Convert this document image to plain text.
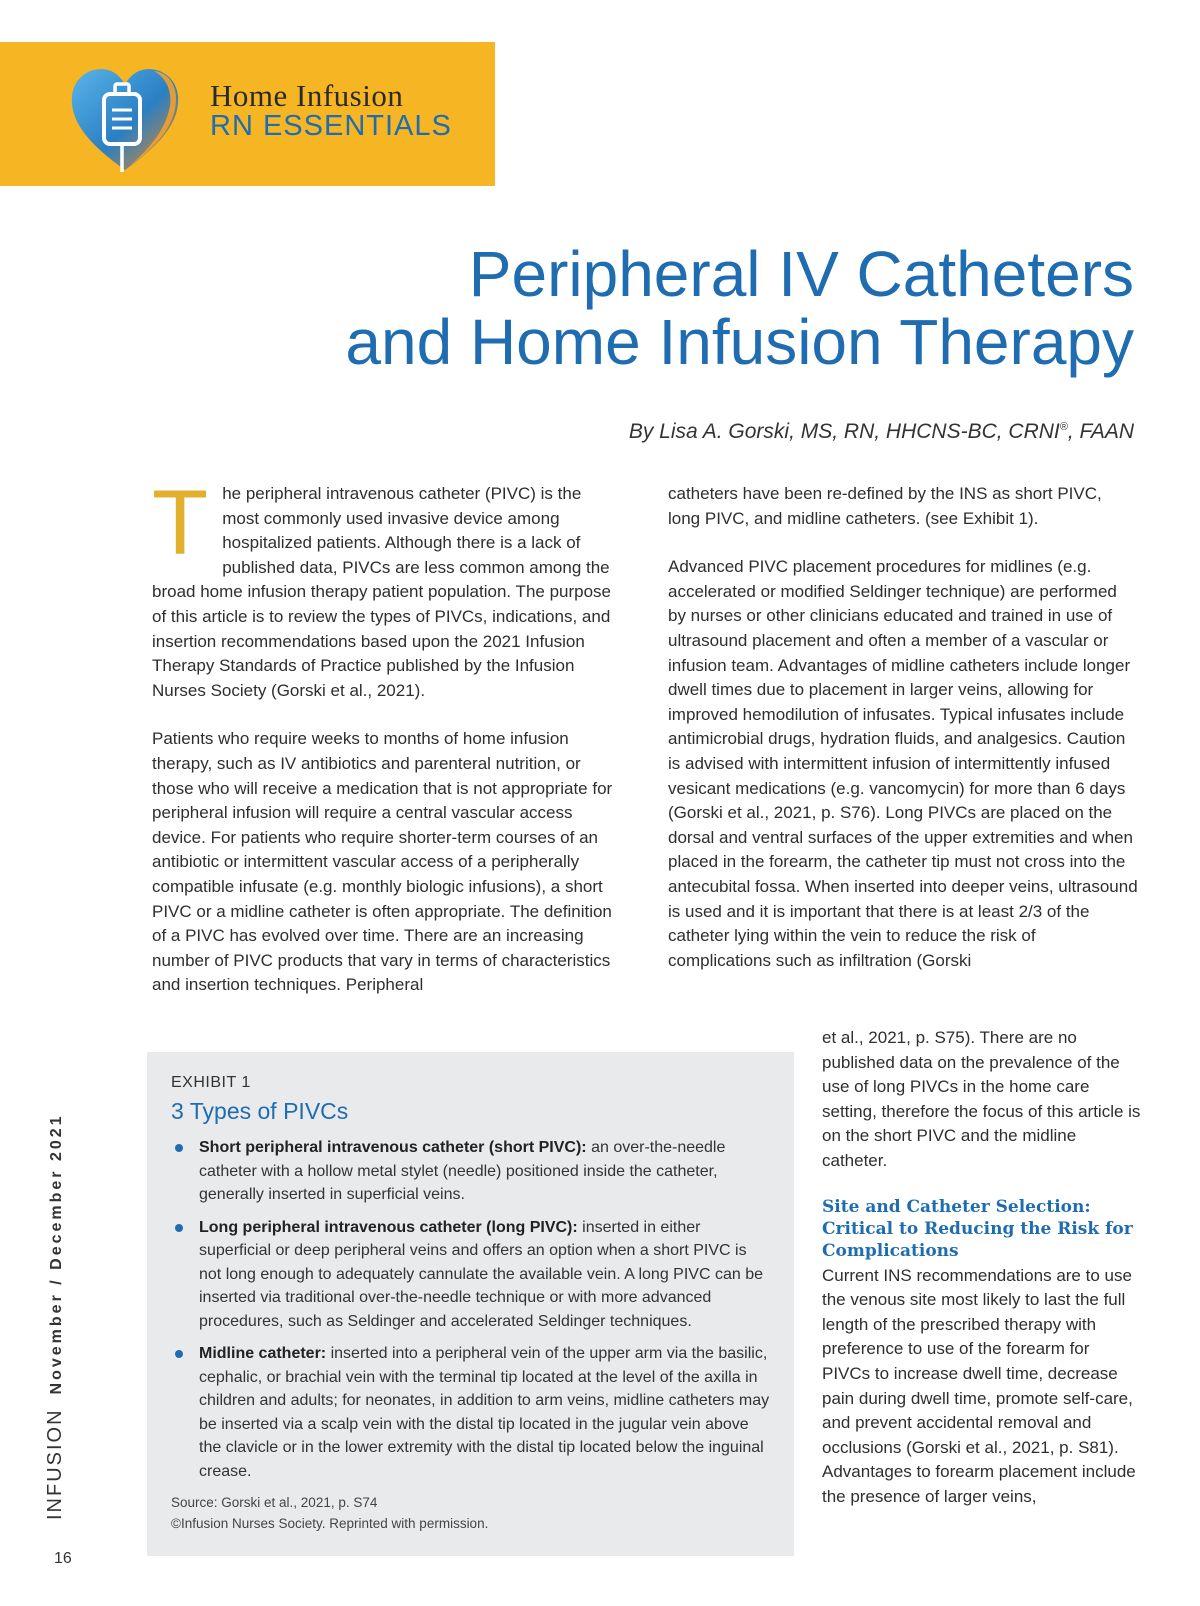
Home Infusion
RN ESSENTIALS
Peripheral IV Catheters
and Home Infusion Therapy
By Lisa A. Gorski, MS, RN, HHCNS-BC, CRNI®, FAAN

The peripheral intravenous catheter (PIVC) is the most commonly used invasive device among hospitalized patients. Although there is a lack of published data, PIVCs are less common among the broad home infusion therapy patient population. The purpose of this article is to review the types of PIVCs, indications, and insertion recommendations based upon the 2021 Infusion Therapy Standards of Practice published by the Infusion Nurses Society (Gorski et al., 2021).

Patients who require weeks to months of home infusion therapy, such as IV antibiotics and parenteral nutrition, or those who will receive a medication that is not appropriate for peripheral infusion will require a central vascular access device. For patients who require shorter-term courses of an antibiotic or intermittent vascular access of a peripherally compatible infusate (e.g. monthly biologic infusions), a short PIVC or a midline catheter is often appropriate. The definition of a PIVC has evolved over time. There are an increasing number of PIVC products that vary in terms of characteristics and insertion techniques. Peripheral

catheters have been re-defined by the INS as short PIVC, long PIVC, and midline catheters. (see Exhibit 1).

Advanced PIVC placement procedures for midlines (e.g. accelerated or modified Seldinger technique) are performed by nurses or other clinicians educated and trained in use of ultrasound placement and often a member of a vascular or infusion team. Advantages of midline catheters include longer dwell times due to placement in larger veins, allowing for improved hemodilution of infusates. Typical infusates include antimicrobial drugs, hydration fluids, and analgesics. Caution is advised with intermittent infusion of intermittently infused vesicant medications (e.g. vancomycin) for more than 6 days (Gorski et al., 2021, p. S76). Long PIVCs are placed on the dorsal and ventral surfaces of the upper extremities and when placed in the forearm, the catheter tip must not cross into the antecubital fossa. When inserted into deeper veins, ultrasound is used and it is important that there is at least 2/3 of the catheter lying within the vein to reduce the risk of complications such as infiltration (Gorski

et al., 2021, p. S75). There are no published data on the prevalence of the use of long PIVCs in the home care setting, therefore the focus of this article is on the short PIVC and the midline catheter.

Site and Catheter Selection: Critical to Reducing the Risk for Complications

Current INS recommendations are to use the venous site most likely to last the full length of the prescribed therapy with preference to use of the forearm for PIVCs to increase dwell time, decrease pain during dwell time, promote self-care, and prevent accidental removal and occlusions (Gorski et al., 2021, p. S81). Advantages to forearm placement include the presence of larger veins,

EXHIBIT 1
3 Types of PIVCs
Short peripheral intravenous catheter (short PIVC): an over-the-needle catheter with a hollow metal stylet (needle) positioned inside the catheter, generally inserted in superficial veins.
Long peripheral intravenous catheter (long PIVC): inserted in either superficial or deep peripheral veins and offers an option when a short PIVC is not long enough to adequately cannulate the available vein. A long PIVC can be inserted via traditional over-the-needle technique or with more advanced procedures, such as Seldinger and accelerated Seldinger techniques.
Midline catheter: inserted into a peripheral vein of the upper arm via the basilic, cephalic, or brachial vein with the terminal tip located at the level of the axilla in children and adults; for neonates, in addition to arm veins, midline catheters may be inserted via a scalp vein with the distal tip located in the jugular vein above the clavicle or in the lower extremity with the distal tip located below the inguinal crease.
Source: Gorski et al., 2021, p. S74
©Infusion Nurses Society. Reprinted with permission.
INFUSIONNovember / December 2021
16
